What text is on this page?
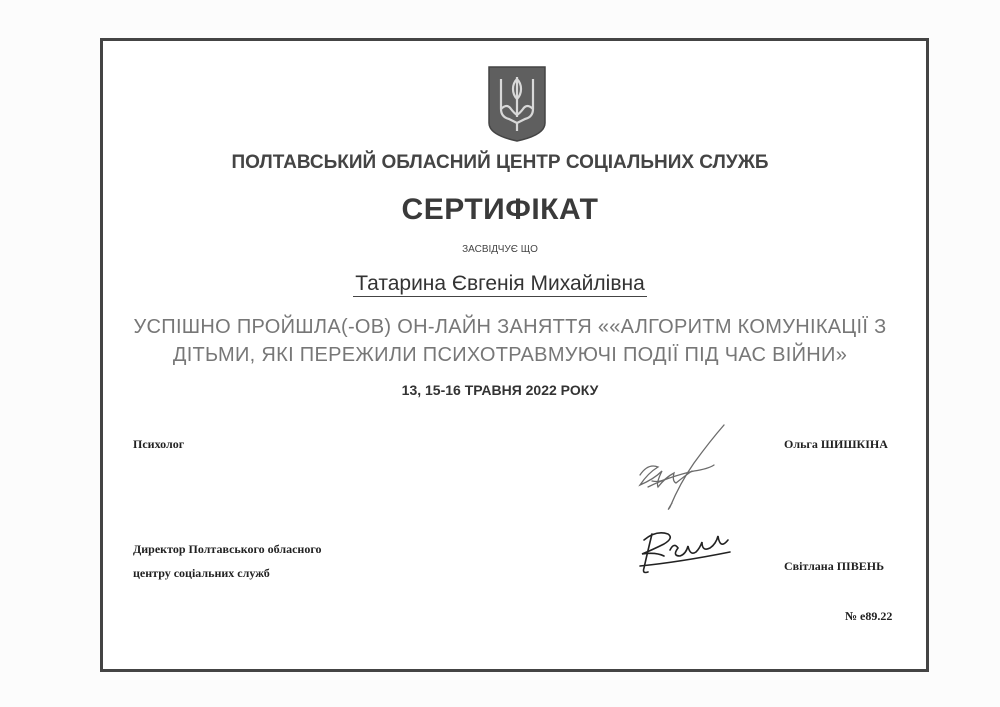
ПОЛТАВСЬКИЙ ОБЛАСНИЙ ЦЕНТР СОЦІАЛЬНИХ СЛУЖБ
СЕРТИФІКАТ
ЗАСВІДЧУЄ ЩО
Татарина Євгенія Михайлівна
УСПІШНО ПРОЙШЛА(-ОВ) ОН-ЛАЙН ЗАНЯТТЯ ««АЛГОРИТМ КОМУНІКАЦІЇ З ДІТЬМИ, ЯКІ ПЕРЕЖИЛИ ПСИХОТРАВМУЮЧІ ПОДІЇ ПІД ЧАС ВІЙНИ»
13, 15-16 ТРАВНЯ 2022 РОКУ
Психолог	Ольга ШИШКІНА
Директор Полтавського обласного
центру соціальних служб	Світлана ПІВЕНЬ
№ е89.22
